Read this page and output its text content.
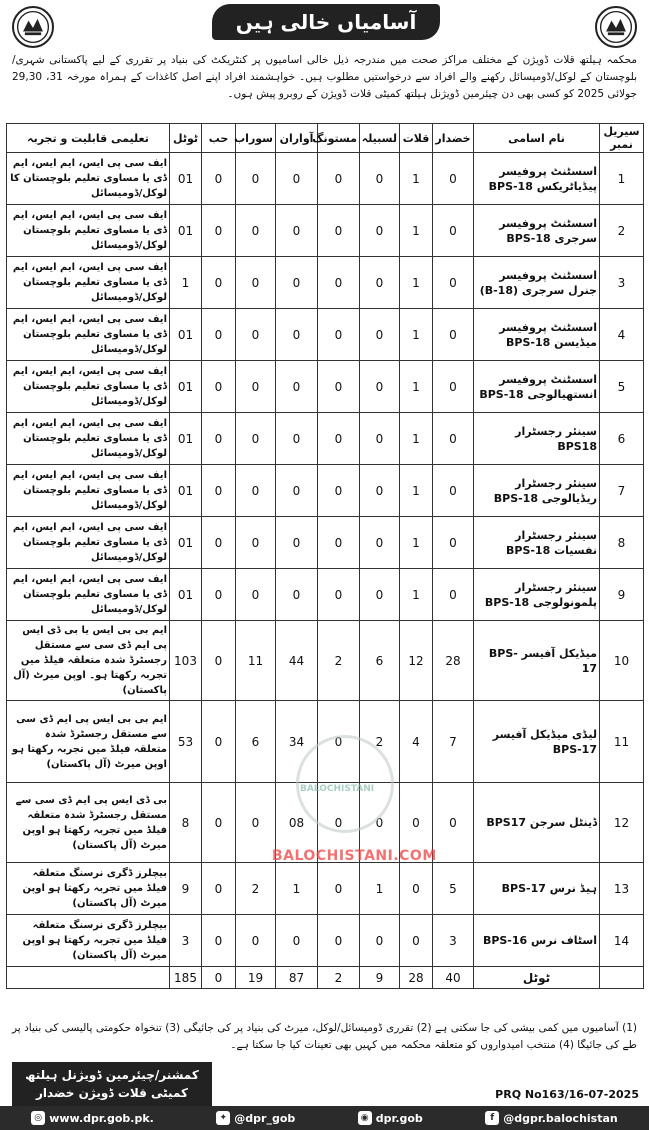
آسامیاں خالی ہیں
محکمہ ہیلتھ قلات ڈویژن کے مختلف مراکز صحت میں مندرجہ ذیل خالی اسامیوں پر کنٹریکٹ کی بنیاد پر تقرری کے لیے پاکستانی شہری/بلوچستان کے لوکل/ڈومیسائل رکھنے والے افراد سے درخواستیں مطلوب ہیں۔ خواہشمند افراد اپنے اصل کاغذات کے ہمراہ مورخہ 31، 29,30 جولائی 2025 کو کسی بھی دن چیئرمین ڈویژنل ہیلتھ کمیٹی قلات ڈویژن کے روبرو پیش ہوں۔
سیریل نمبر	نام اسامی	خضدار	قلات	لسبیلہ	مستونگ	آواران	سوراب	حب	ٹوٹل	تعلیمی قابلیت و تجربہ
1	اسسٹنٹ پروفیسر پیڈیاٹریکس BPS-18	0	1	0	0	0	0	0	01	ایف سی پی ایس، ایم ایس، ایم ڈی یا مساوی تعلیم بلوچستان کا لوکل/ڈومیسائل
2	اسسٹنٹ پروفیسر سرجری BPS-18	0	1	0	0	0	0	0	01	ایف سی پی ایس، ایم ایس، ایم ڈی یا مساوی تعلیم بلوچستان لوکل/ڈومیسائل
3	اسسٹنٹ پروفیسر جنرل سرجری (B-18)	0	1	0	0	0	0	0	1	ایف سی پی ایس، ایم ایس، ایم ڈی یا مساوی تعلیم بلوچستان لوکل/ڈومیسائل
4	اسسٹنٹ پروفیسر میڈیسن BPS-18	0	1	0	0	0	0	0	01	ایف سی پی ایس، ایم ایس، ایم ڈی یا مساوی تعلیم بلوچستان لوکل/ڈومیسائل
5	اسسٹنٹ پروفیسر انستھیالوجی BPS-18	0	1	0	0	0	0	0	01	ایف سی پی ایس، ایم ایس، ایم ڈی یا مساوی تعلیم بلوچستان لوکل/ڈومیسائل
6	سینئر رجسٹرار BPS18	0	1	0	0	0	0	0	01	ایف سی پی ایس، ایم ایس، ایم ڈی یا مساوی تعلیم بلوچستان لوکل/ڈومیسائل
7	سینئر رجسٹرار ریڈیالوجی BPS-18	0	1	0	0	0	0	0	01	ایف سی پی ایس، ایم ایس، ایم ڈی یا مساوی تعلیم بلوچستان لوکل/ڈومیسائل
8	سینئر رجسٹرار نفسیات BPS-18	0	1	0	0	0	0	0	01	ایف سی پی ایس، ایم ایس، ایم ڈی یا مساوی تعلیم بلوچستان لوکل/ڈومیسائل
9	سینئر رجسٹرار پلمونولوجی BPS-18	0	1	0	0	0	0	0	01	ایف سی پی ایس، ایم ایس، ایم ڈی یا مساوی تعلیم بلوچستان لوکل/ڈومیسائل
10	میڈیکل آفیسر BPS-17	28	12	6	2	44	11	0	103	ایم بی بی ایس یا بی ڈی ایس پی ایم ڈی سی سے مستقل رجسٹرڈ شدہ متعلقہ فیلڈ میں تجربہ رکھتا ہو۔ اوپن میرٹ (آل پاکستان)
11	لیڈی میڈیکل آفیسر BPS-17	7	4	2	0	34	6	0	53	ایم بی بی ایس پی ایم ڈی سی سے مستقل رجسٹرڈ شدہ متعلقہ فیلڈ میں تجربہ رکھتا ہو اوپن میرٹ (آل پاکستان)
12	ڈینٹل سرجن BPS17	0	0	0	0	08	0	0	8	بی ڈی ایس پی ایم ڈی سی سے مستقل رجسٹرڈ شدہ متعلقہ فیلڈ میں تجربہ رکھتا ہو اوپن میرٹ (آل پاکستان)
13	ہیڈ نرس BPS-17	5	0	1	0	1	2	0	9	بیچلرز ڈگری نرسنگ متعلقہ فیلڈ میں تجربہ رکھتا ہو اوپن میرٹ (آل پاکستان)
14	اسٹاف نرس BPS-16	3	0	0	0	0	0	0	3	بیچلرز ڈگری نرسنگ متعلقہ فیلڈ میں تجربہ رکھتا ہو اوپن میرٹ (آل پاکستان)
	ٹوٹل	40	28	9	2	87	19	0	185	
BALOCHISTANI
BALOCHISTANI.COM
(1) آسامیوں میں کمی بیشی کی جا سکتی ہے (2) تقرری ڈومیسائل/لوکل، میرٹ کی بنیاد پر کی جائیگی (3) تنخواہ حکومتی پالیسی کی بنیاد پر طے کی جائیگا (4) منتخب امیدواروں کو متعلقہ محکمہ میں کہیں بھی تعینات کیا جا سکتا ہے۔
کمشنر/چیئرمین ڈویژنل ہیلتھ
کمیٹی قلات ڈویژن خضدار	PRQ No163/16-07-2025
◎ www.dpr.gob.pk.	✦ @dpr_gob	◉ dpr.gob	f @dgpr.balochistan
